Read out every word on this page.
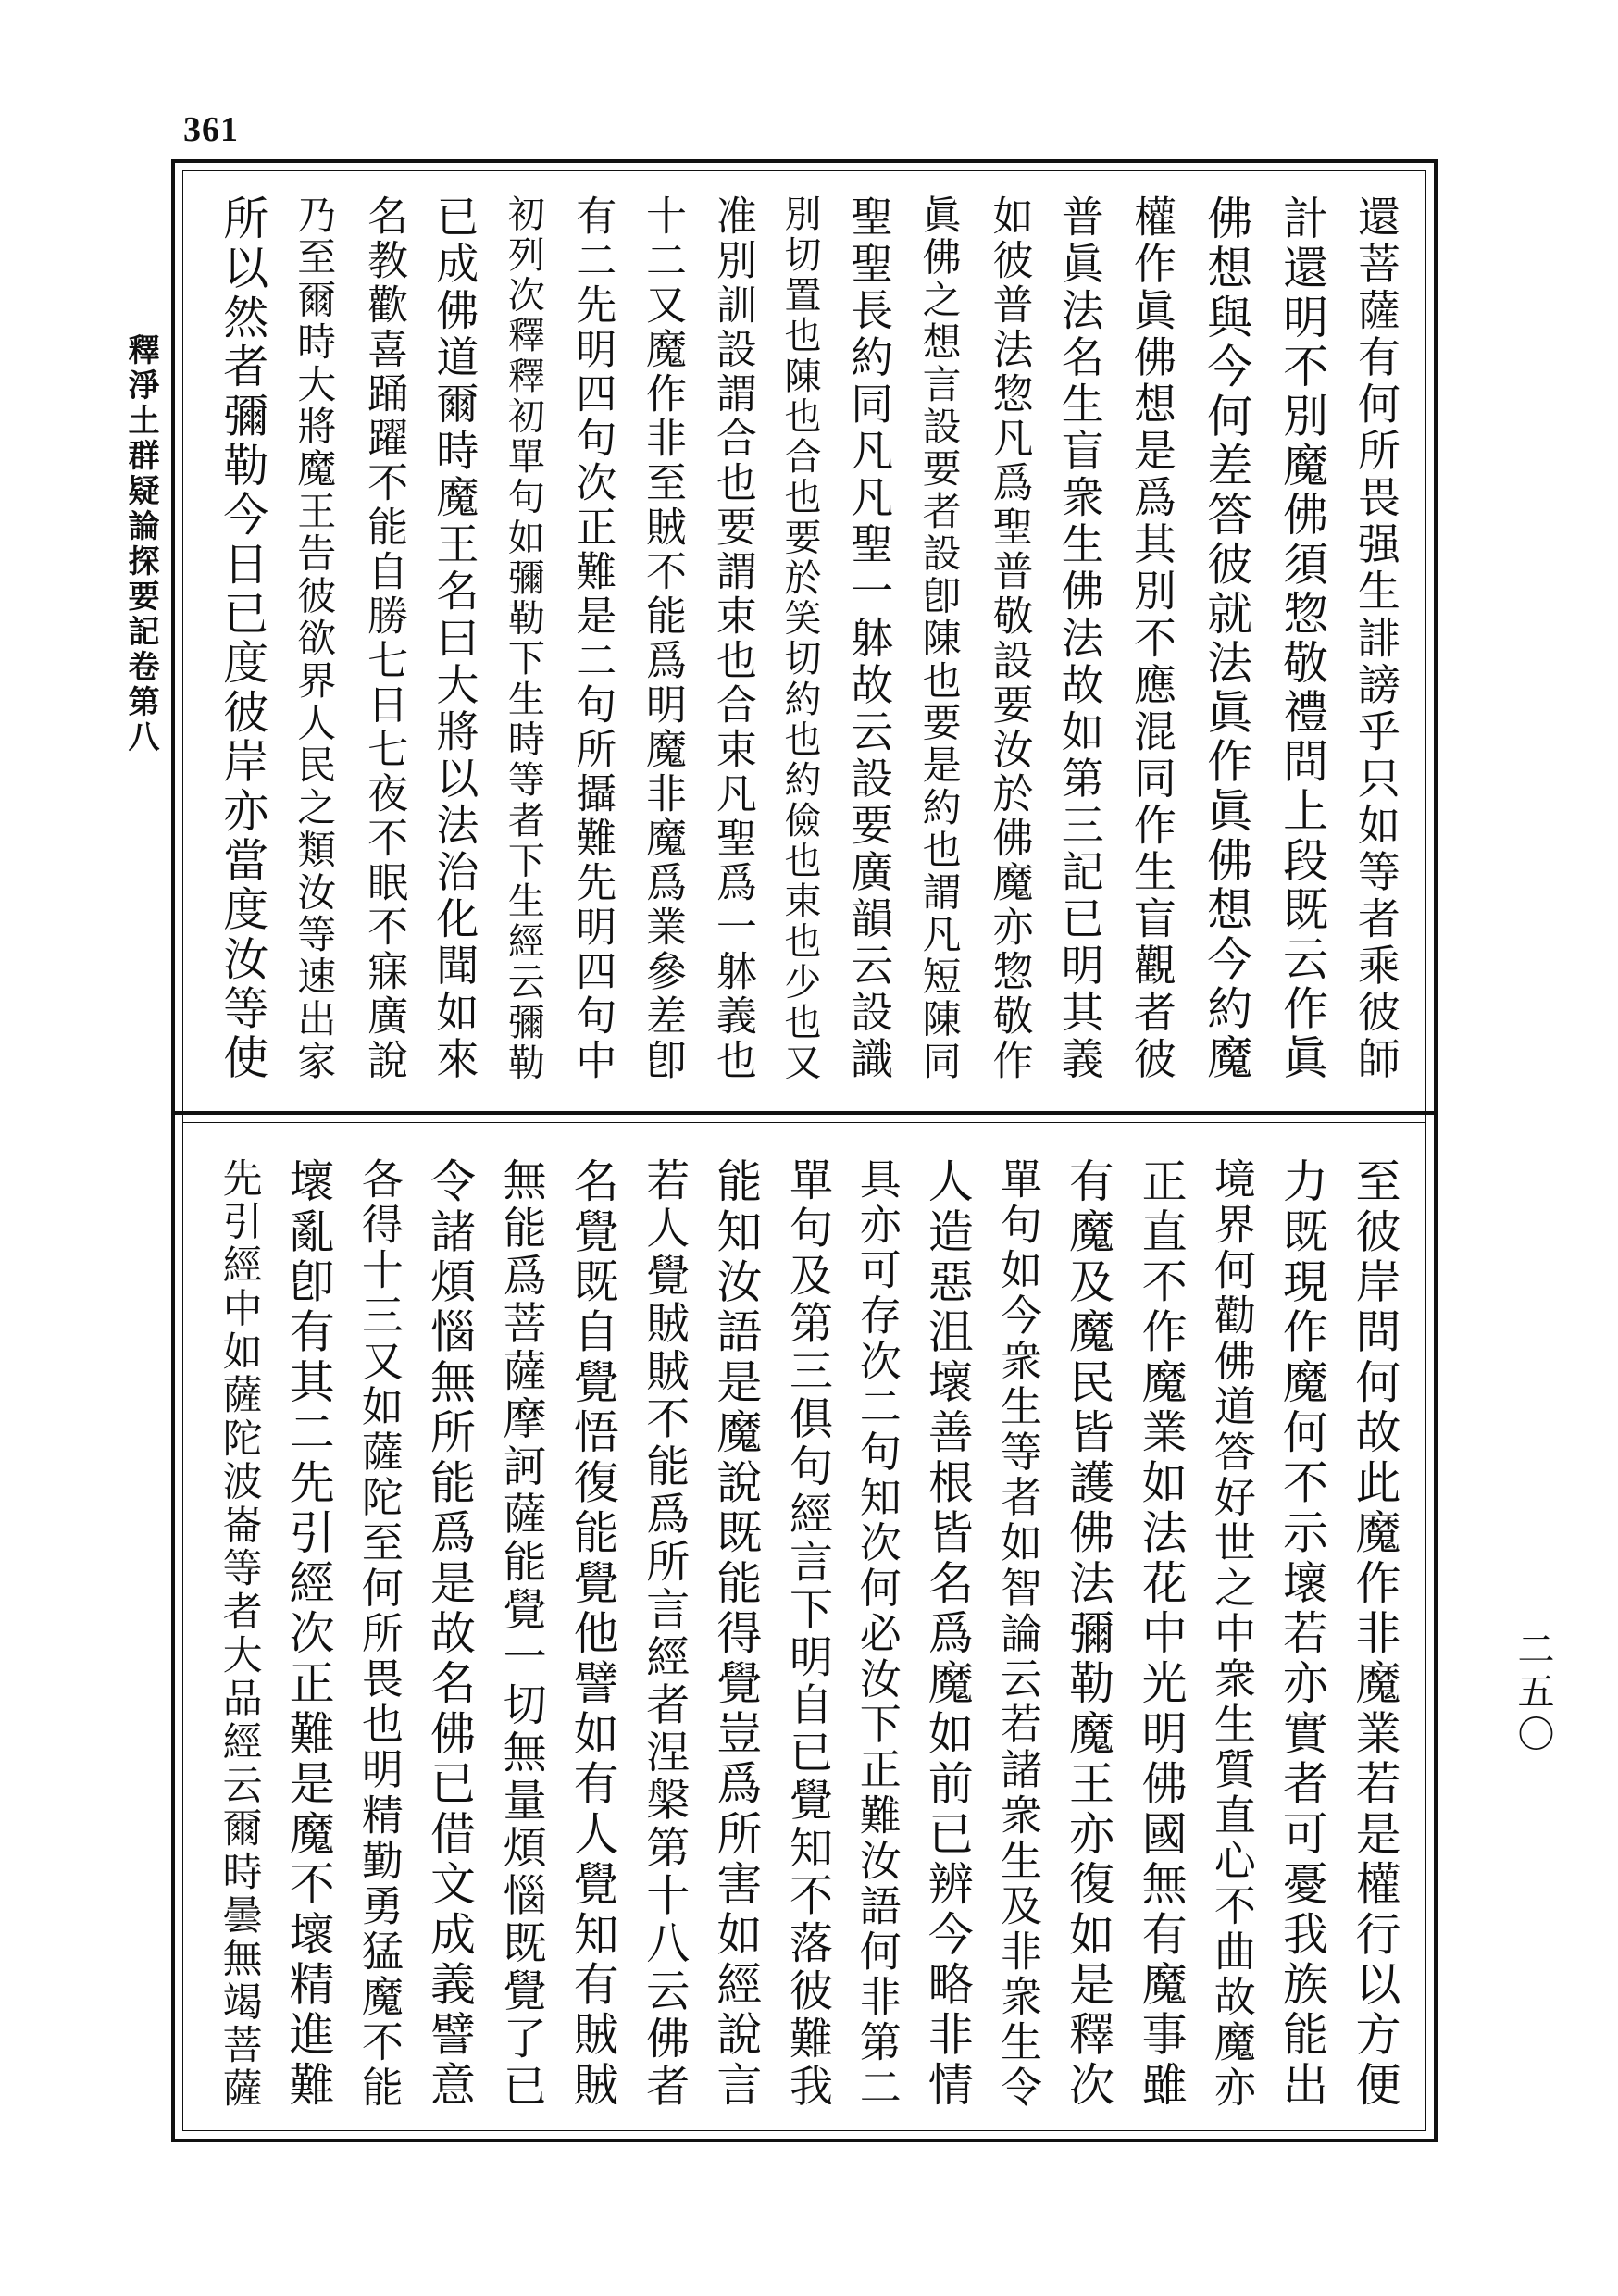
361
釋淨土群疑論探要記卷第八
二五〇
還菩薩有何所畏强生誹謗乎只如等者乘彼師
計還明不別魔佛須惣敬禮問上段既云作眞
佛想與今何差答彼就法眞作眞佛想今約魔
權作眞佛想是爲其別不應混同作生盲觀者彼
普眞法名生盲衆生佛法故如第三記已明其義
如彼普法惣凡爲聖普敬設要汝於佛魔亦惣敬作
眞佛之想言設要者設卽陳也要是約也謂凡短陳同
聖聖長約同凡凡聖一躰故云設要廣韻云設識
別切置也陳也合也要於笑切約也約儉也束也少也又
准別訓設謂合也要謂束也合束凡聖爲一躰義也
十二又魔作非至賊不能爲明魔非魔爲業參差卽
有二先明四句次正難是二句所攝難先明四句中
初列次釋釋初單句如彌勒下生時等者下生經云彌勒
已成佛道爾時魔王名曰大將以法治化聞如來
名教歡喜踊躍不能自勝七日七夜不眠不寐廣說
乃至爾時大將魔王告彼欲界人民之類汝等速出家
所以然者彌勒今日已度彼岸亦當度汝等使
至彼岸問何故此魔作非魔業若是權行以方便
力既現作魔何不示壞若亦實者可憂我族能出
境界何勸佛道答好世之中衆生質直心不曲故魔亦
正直不作魔業如法花中光明佛國無有魔事雖
有魔及魔民皆護佛法彌勒魔王亦復如是釋次
單句如今衆生等者如智論云若諸衆生及非衆生令
人造惡沮壞善根皆名爲魔如前已辨今略非情
具亦可存次二句知次何必汝下正難汝語何非第二
單句及第三俱句經言下明自已覺知不落彼難我
能知汝語是魔說既能得覺豈爲所害如經說言
若人覺賊賊不能爲所言經者涅槃第十八云佛者
名覺既自覺悟復能覺他譬如有人覺知有賊賊
無能爲菩薩摩訶薩能覺一切無量煩惱既覺了已
令諸煩惱無所能爲是故名佛已借文成義譬意
各得十三又如薩陀至何所畏也明精勤勇猛魔不能
壞亂卽有其二先引經次正難是魔不壞精進難
先引經中如薩陀波崙等者大品經云爾時曇無竭菩薩
